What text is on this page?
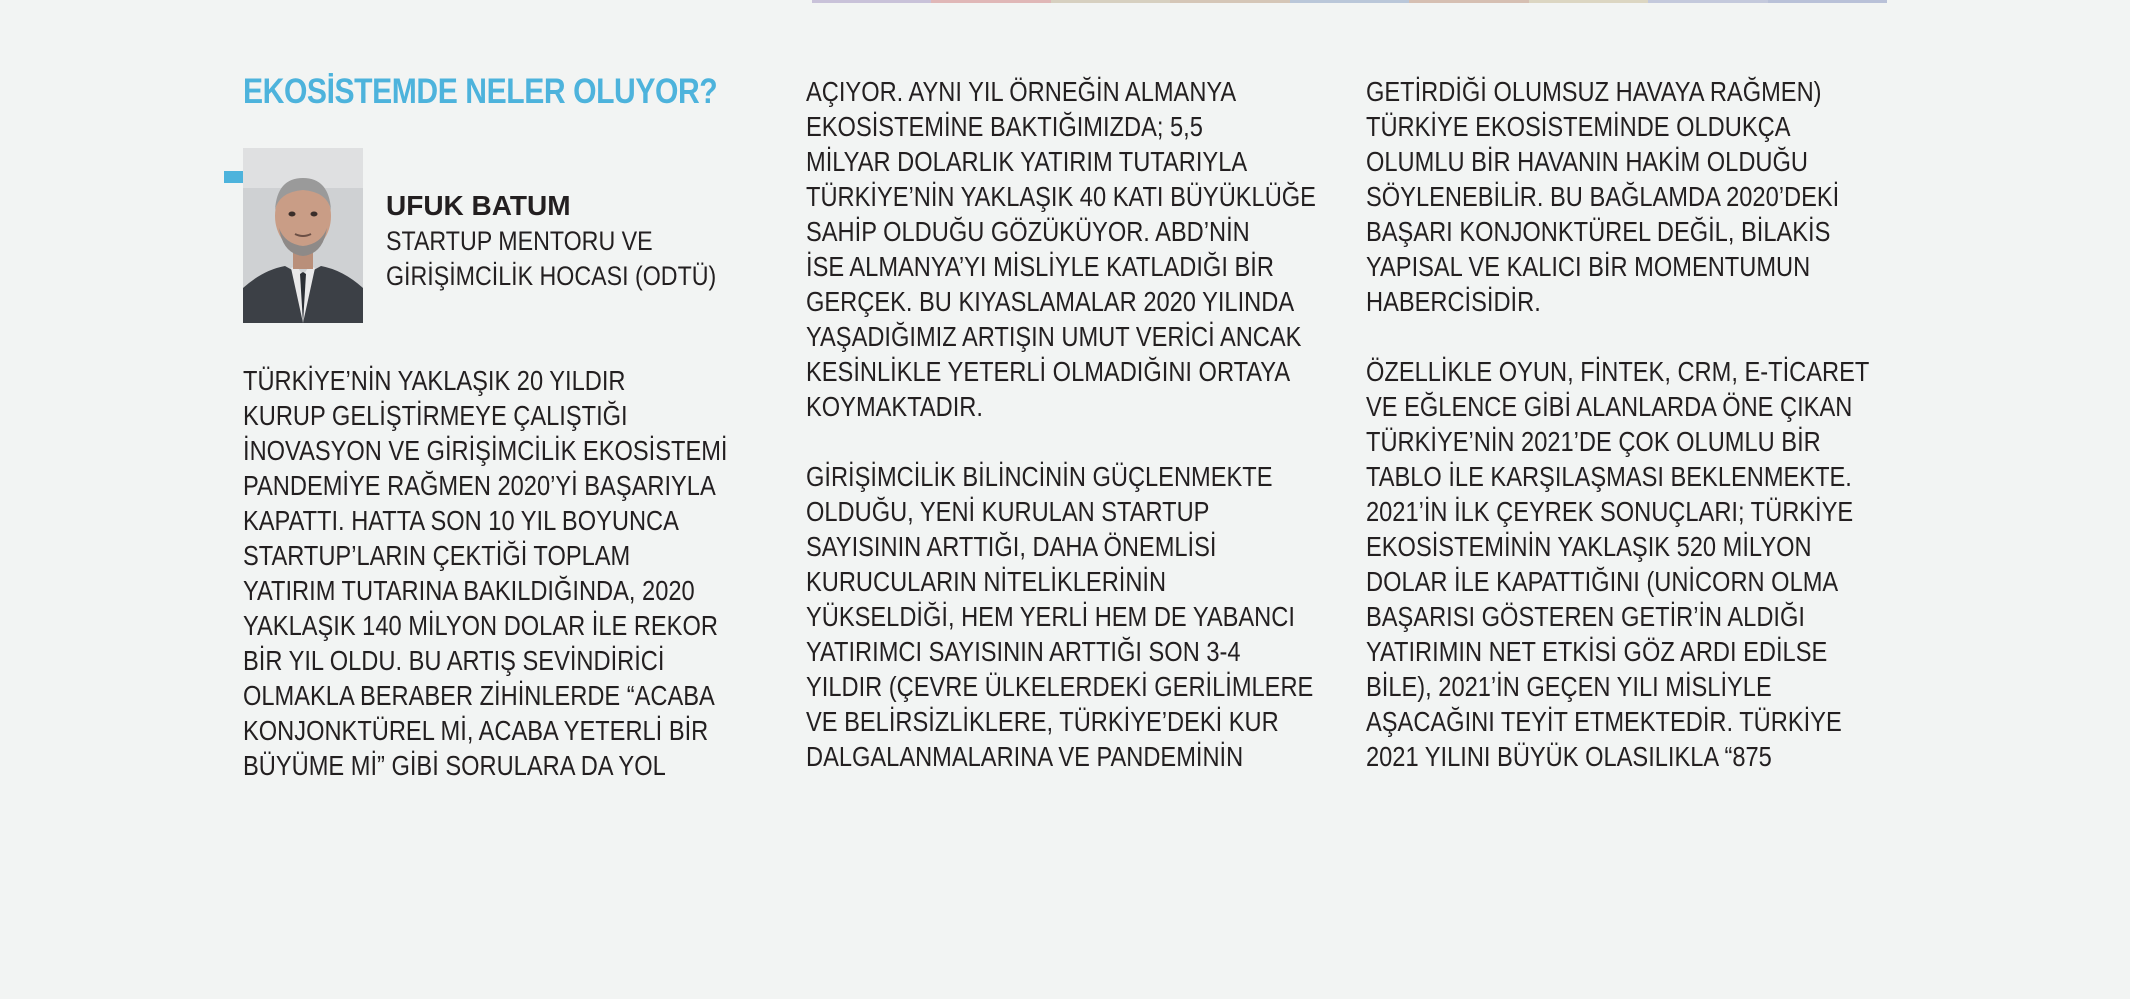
EKOSİSTEMDE NELER OLUYOR?
UFUK BATUM
STARTUP MENTORU VE
GİRİŞİMCİLİK HOCASI (ODTÜ)
TÜRKİYE’NİN YAKLAŞIK 20 YILDIR
KURUP GELİŞTİRMEYE ÇALIŞTIĞI
İNOVASYON VE GİRİŞİMCİLİK EKOSİSTEMİ
PANDEMİYE RAĞMEN 2020’Yİ BAŞARIYLA
KAPATTI. HATTA SON 10 YIL BOYUNCA
STARTUP’LARIN ÇEKTİĞİ TOPLAM
YATIRIM TUTARINA BAKILDIĞINDA, 2020
YAKLAŞIK 140 MİLYON DOLAR İLE REKOR
BİR YIL OLDU. BU ARTIŞ SEVİNDİRİCİ
OLMAKLA BERABER ZİHİNLERDE “ACABA
KONJONKTÜREL Mİ, ACABA YETERLİ BİR
BÜYÜME Mİ” GİBİ SORULARA DA YOL
AÇIYOR. AYNI YIL ÖRNEĞİN ALMANYA
EKOSİSTEMİNE BAKTIĞIMIZDA; 5,5
MİLYAR DOLARLIK YATIRIM TUTARIYLA
TÜRKİYE’NİN YAKLAŞIK 40 KATI BÜYÜKLÜĞE
SAHİP OLDUĞU GÖZÜKÜYOR. ABD’NİN
İSE ALMANYA’YI MİSLİYLE KATLADIĞI BİR
GERÇEK. BU KIYASLAMALAR 2020 YILINDA
YAŞADIĞIMIZ ARTIŞIN UMUT VERİCİ ANCAK
KESİNLİKLE YETERLİ OLMADIĞINI ORTAYA
KOYMAKTADIR.
GİRİŞİMCİLİK BİLİNCİNİN GÜÇLENMEKTE
OLDUĞU, YENİ KURULAN STARTUP
SAYISININ ARTTIĞI, DAHA ÖNEMLİSİ
KURUCULARIN NİTELİKLERİNİN
YÜKSELDİĞİ, HEM YERLİ HEM DE YABANCI
YATIRIMCI SAYISININ ARTTIĞI SON 3-4
YILDIR (ÇEVRE ÜLKELERDEKİ GERİLİMLERE
VE BELİRSİZLİKLERE, TÜRKİYE’DEKİ KUR
DALGALANMALARINA VE PANDEMİNİN
GETİRDİĞİ OLUMSUZ HAVAYA RAĞMEN)
TÜRKİYE EKOSİSTEMİNDE OLDUKÇA
OLUMLU BİR HAVANIN HAKİM OLDUĞU
SÖYLENEBİLİR. BU BAĞLAMDA 2020’DEKİ
BAŞARI KONJONKTÜREL DEĞİL, BİLAKİS
YAPISAL VE KALICI BİR MOMENTUMUN
HABERCİSİDİR.
ÖZELLİKLE OYUN, FİNTEK, CRM, E-TİCARET
VE EĞLENCE GİBİ ALANLARDA ÖNE ÇIKAN
TÜRKİYE’NİN 2021’DE ÇOK OLUMLU BİR
TABLO İLE KARŞILAŞMASI BEKLENMEKTE.
2021’İN İLK ÇEYREK SONUÇLARI; TÜRKİYE
EKOSİSTEMİNİN YAKLAŞIK 520 MİLYON
DOLAR İLE KAPATTIĞINI (UNİCORN OLMA
BAŞARISI GÖSTEREN GETİR’İN ALDIĞI
YATIRIMIN NET ETKİSİ GÖZ ARDI EDİLSE
BİLE), 2021’İN GEÇEN YILI MİSLİYLE
AŞACAĞINI TEYİT ETMEKTEDİR. TÜRKİYE
2021 YILINI BÜYÜK OLASILIKLA “875
